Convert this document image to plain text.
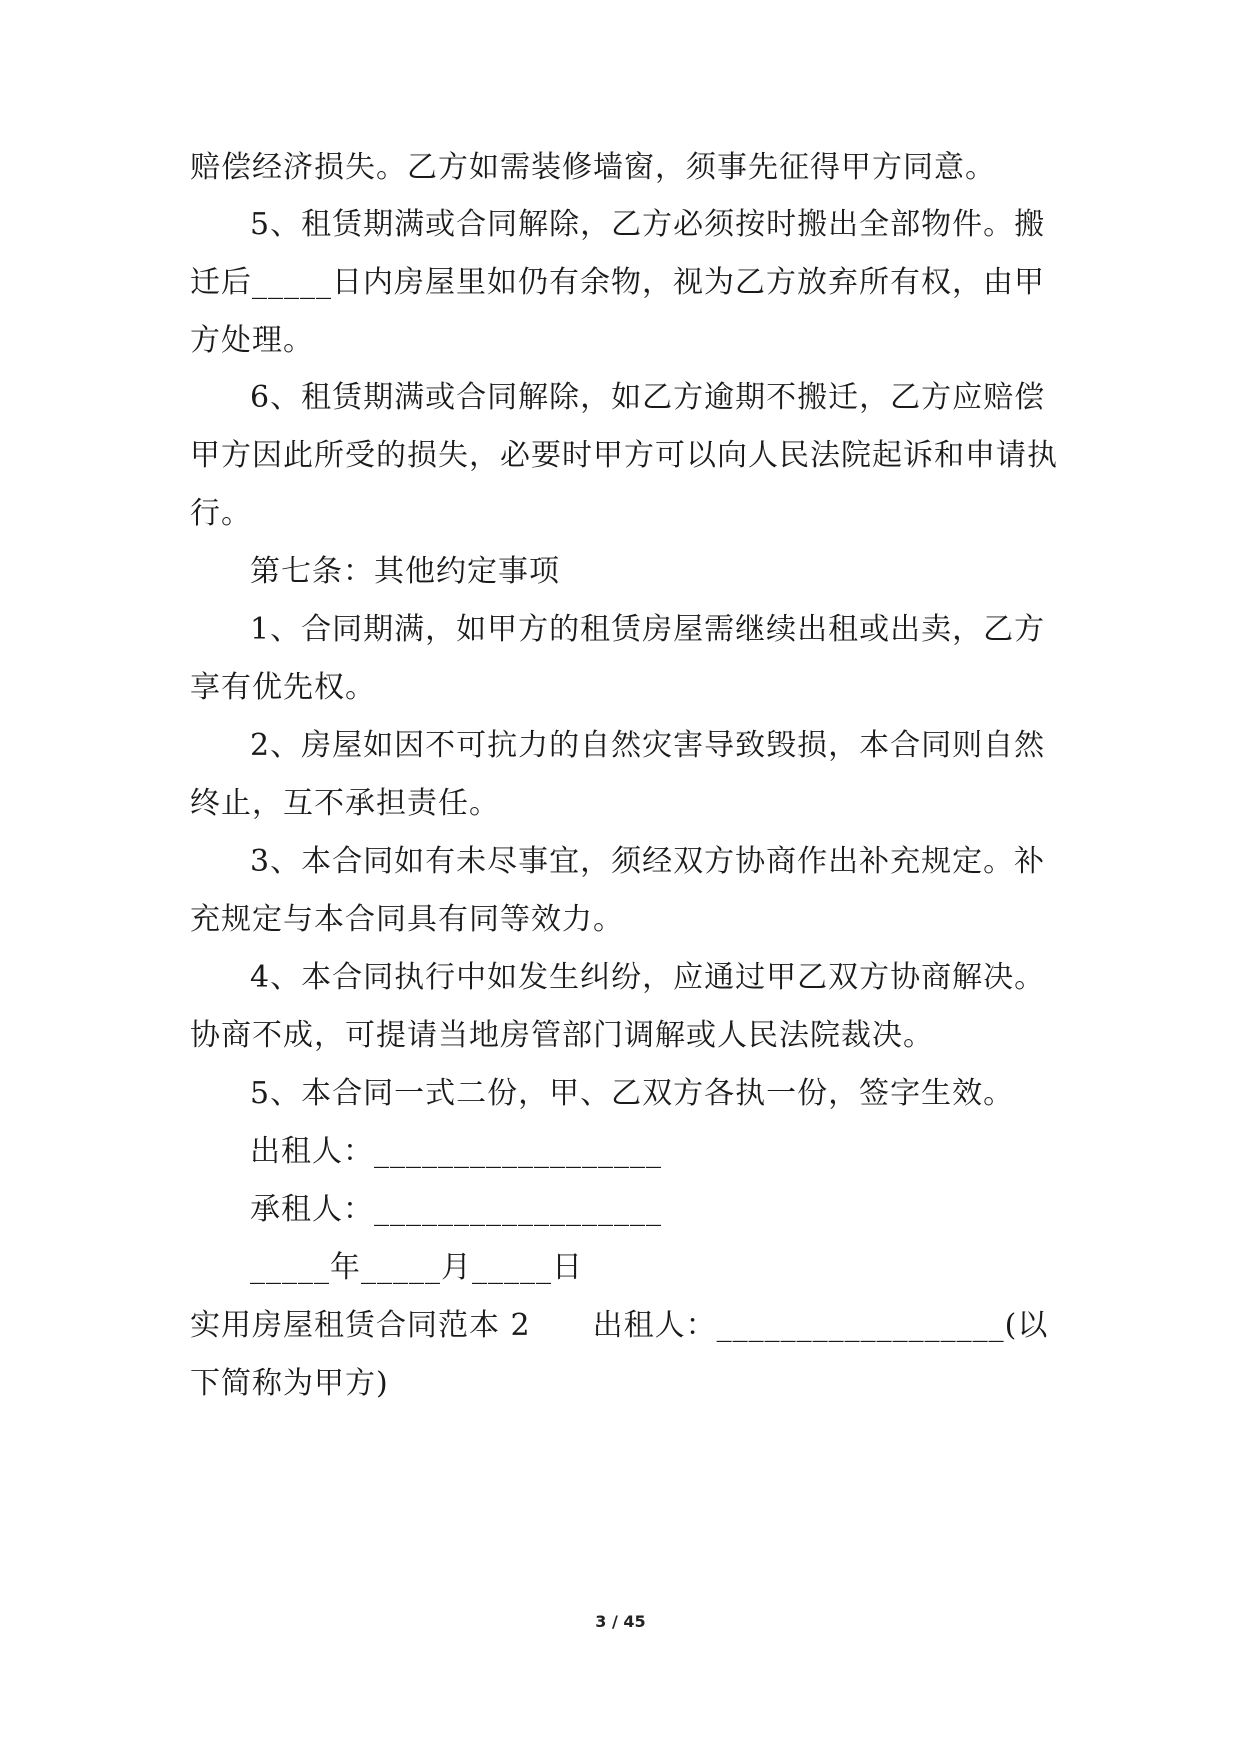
赔偿经济损失。乙方如需装修墙窗，须事先征得甲方同意。
5、租赁期满或合同解除，乙方必须按时搬出全部物件。搬
迁后_____日内房屋里如仍有余物，视为乙方放弃所有权，由甲
方处理。
6、租赁期满或合同解除，如乙方逾期不搬迁，乙方应赔偿
甲方因此所受的损失，必要时甲方可以向人民法院起诉和申请执
行。
第七条：其他约定事项
1、合同期满，如甲方的租赁房屋需继续出租或出卖，乙方
享有优先权。
2、房屋如因不可抗力的自然灾害导致毁损，本合同则自然
终止，互不承担责任。
3、本合同如有未尽事宜，须经双方协商作出补充规定。补
充规定与本合同具有同等效力。
4、本合同执行中如发生纠纷，应通过甲乙双方协商解决。
协商不成，可提请当地房管部门调解或人民法院裁决。
5、本合同一式二份，甲、乙双方各执一份，签字生效。
出租人：__________________
承租人：__________________
_____年_____月_____日
实用房屋租赁合同范本 2　　出租人：__________________(以
下简称为甲方)
3 / 45
